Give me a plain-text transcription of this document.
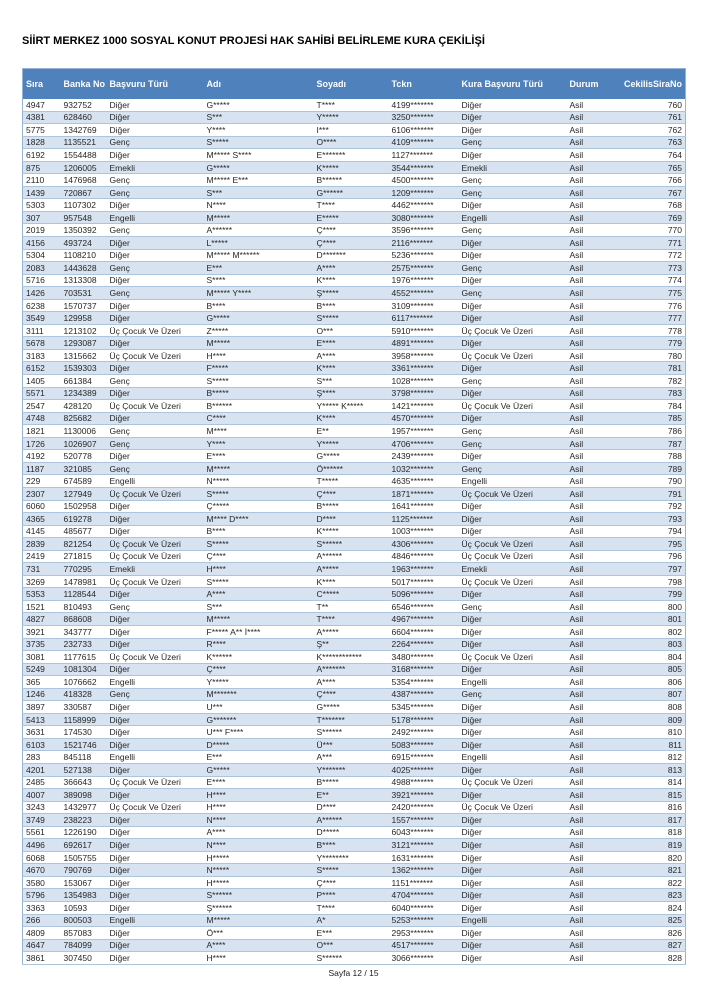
SİİRT MERKEZ 1000 SOSYAL KONUT PROJESİ HAK SAHİBİ BELİRLEME KURA ÇEKİLİŞİ
Sıra	Banka No	Başvuru Türü	Adı	Soyadı	Tckn	Kura Başvuru Türü	Durum	CekilisSiraNo
4947	932752	Diğer	G*****	T****	4199*******	Diğer	Asil	760
4381	628460	Diğer	S***	Y*****	3250*******	Diğer	Asil	761
5775	1342769	Diğer	Y****	I***	6106*******	Diğer	Asil	762
1828	1135521	Genç	S*****	O****	4109*******	Genç	Asil	763
6192	1554488	Diğer	M***** S****	E*******	1127*******	Diğer	Asil	764
875	1206005	Emekli	G*****	K*****	3544*******	Emekli	Asil	765
2110	1476968	Genç	M***** E***	B******	4500*******	Genç	Asil	766
1439	720867	Genç	S***	G******	1209*******	Genç	Asil	767
5303	1107302	Diğer	N****	T****	4462*******	Diğer	Asil	768
307	957548	Engelli	M*****	E*****	3080*******	Engelli	Asil	769
2019	1350392	Genç	A******	Ç****	3596*******	Genç	Asil	770
4156	493724	Diğer	L*****	Ç****	2116*******	Diğer	Asil	771
5304	1108210	Diğer	M***** M******	D*******	5236*******	Diğer	Asil	772
2083	1443628	Genç	E***	A****	2575*******	Genç	Asil	773
5716	1313308	Diğer	S****	K****	1976*******	Diğer	Asil	774
1426	703531	Genç	M***** Y****	Ş*****	4552*******	Genç	Asil	775
6238	1570737	Diğer	B****	B****	3109*******	Diğer	Asil	776
3549	129958	Diğer	G*****	S*****	6117*******	Diğer	Asil	777
3111	1213102	Üç Çocuk Ve Üzeri	Z*****	O***	5910*******	Üç Çocuk Ve Üzeri	Asil	778
5678	1293087	Diğer	M*****	E****	4891*******	Diğer	Asil	779
3183	1315662	Üç Çocuk Ve Üzeri	H****	A****	3958*******	Üç Çocuk Ve Üzeri	Asil	780
6152	1539303	Diğer	F*****	K****	3361*******	Diğer	Asil	781
1405	661384	Genç	S*****	S***	1028*******	Genç	Asil	782
5571	1234389	Diğer	B*****	Ş****	3798*******	Diğer	Asil	783
2547	428120	Üç Çocuk Ve Üzeri	B******	Y***** K*****	1421*******	Üç Çocuk Ve Üzeri	Asil	784
4748	825682	Diğer	C****	K****	4570*******	Diğer	Asil	785
1821	1130006	Genç	M****	E**	1957*******	Genç	Asil	786
1726	1026907	Genç	Y****	Y*****	4706*******	Genç	Asil	787
4192	520778	Diğer	E****	G*****	2439*******	Diğer	Asil	788
1187	321085	Genç	M*****	Ö******	1032*******	Genç	Asil	789
229	674589	Engelli	N*****	T*****	4635*******	Engelli	Asil	790
2307	127949	Üç Çocuk Ve Üzeri	S*****	Ç****	1871*******	Üç Çocuk Ve Üzeri	Asil	791
6060	1502958	Diğer	Ç*****	B*****	1641*******	Diğer	Asil	792
4365	619278	Diğer	M**** D****	D****	1125*******	Diğer	Asil	793
4145	485677	Diğer	B****	K*****	1003*******	Diğer	Asil	794
2839	821254	Üç Çocuk Ve Üzeri	S*****	S******	4306*******	Üç Çocuk Ve Üzeri	Asil	795
2419	271815	Üç Çocuk Ve Üzeri	Ç****	A******	4846*******	Üç Çocuk Ve Üzeri	Asil	796
731	770295	Emekli	H****	A*****	1963*******	Emekli	Asil	797
3269	1478981	Üç Çocuk Ve Üzeri	S*****	K****	5017*******	Üç Çocuk Ve Üzeri	Asil	798
5353	1128544	Diğer	A****	C*****	5096*******	Diğer	Asil	799
1521	810493	Genç	S***	T**	6546*******	Genç	Asil	800
4827	868608	Diğer	M*****	T****	4967*******	Diğer	Asil	801
3921	343777	Diğer	F***** A** İ****	A*****	6604*******	Diğer	Asil	802
3735	232733	Diğer	R****	Ş**	2264*******	Diğer	Asil	803
3081	1177615	Üç Çocuk Ve Üzeri	K******	K************	3480*******	Üç Çocuk Ve Üzeri	Asil	804
5249	1081304	Diğer	Ç****	A*******	3168*******	Diğer	Asil	805
365	1076662	Engelli	Y*****	A****	5354*******	Engelli	Asil	806
1246	418328	Genç	M*******	Ç****	4387*******	Genç	Asil	807
3897	330587	Diğer	U***	G*****	5345*******	Diğer	Asil	808
5413	1158999	Diğer	G*******	T*******	5178*******	Diğer	Asil	809
3631	174530	Diğer	U*** F****	S******	2492*******	Diğer	Asil	810
6103	1521746	Diğer	D*****	Ü***	5083*******	Diğer	Asil	811
283	845118	Engelli	E***	A***	6915*******	Engelli	Asil	812
4201	527138	Diğer	G*****	Y*******	4025*******	Diğer	Asil	813
2485	366643	Üç Çocuk Ve Üzeri	E****	B*****	4988*******	Üç Çocuk Ve Üzeri	Asil	814
4007	389098	Diğer	H****	E**	3921*******	Diğer	Asil	815
3243	1432977	Üç Çocuk Ve Üzeri	H****	D****	2420*******	Üç Çocuk Ve Üzeri	Asil	816
3749	238223	Diğer	N****	A******	1557*******	Diğer	Asil	817
5561	1226190	Diğer	A****	D*****	6043*******	Diğer	Asil	818
4496	692617	Diğer	N****	B****	3121*******	Diğer	Asil	819
6068	1505755	Diğer	H*****	Y********	1631*******	Diğer	Asil	820
4670	790769	Diğer	N*****	S*****	1362*******	Diğer	Asil	821
3580	153067	Diğer	H*****	Ç****	1151*******	Diğer	Asil	822
5796	1354983	Diğer	S******	P****	4704*******	Diğer	Asil	823
3363	10593	Diğer	Ş******	T****	6040*******	Diğer	Asil	824
266	800503	Engelli	M*****	A*	5253*******	Engelli	Asil	825
4809	857083	Diğer	Ö***	E***	2953*******	Diğer	Asil	826
4647	784099	Diğer	A****	O***	4517*******	Diğer	Asil	827
3861	307450	Diğer	H****	S******	3066*******	Diğer	Asil	828
Sayfa 12 / 15
